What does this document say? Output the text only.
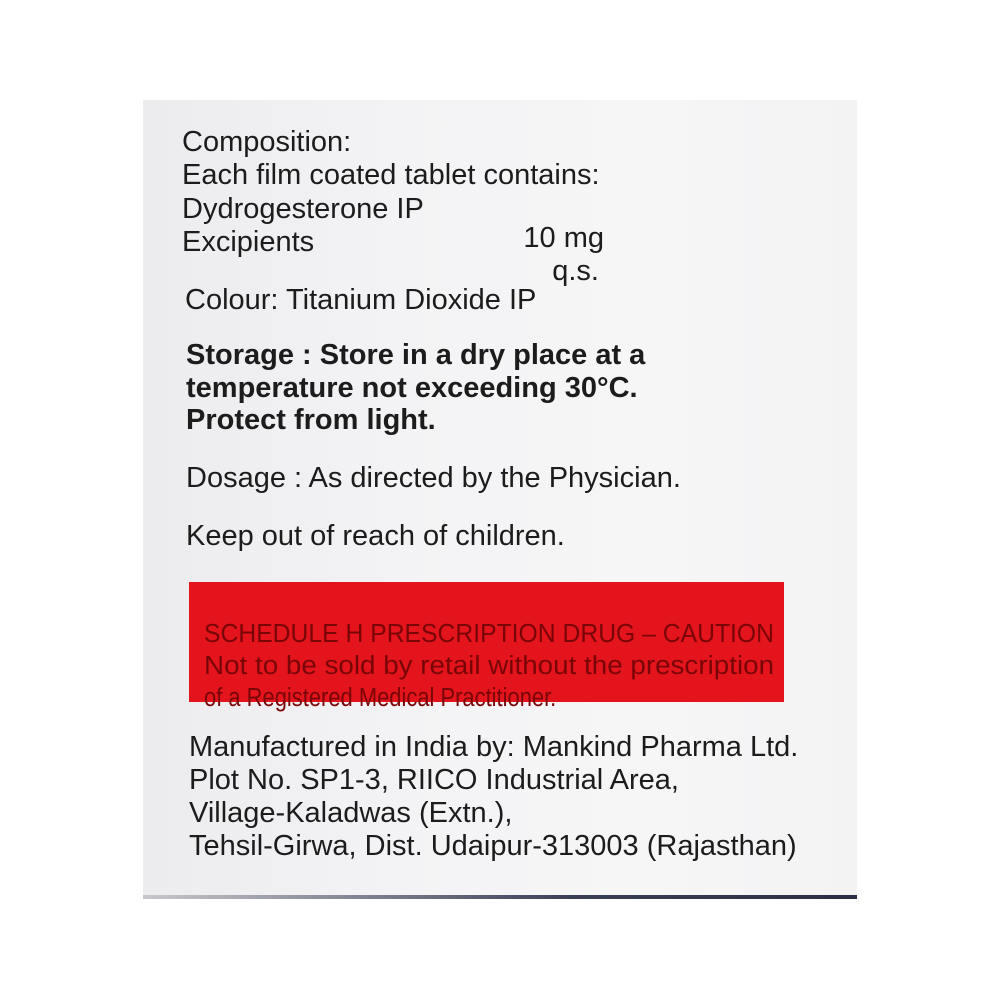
Composition:

Each film coated tablet contains:

Dydrogesterone IP

10 mg

Excipients

q.s.

Colour: Titanium Dioxide IP

Storage : Store in a dry place at a

temperature not exceeding 30°C.

Protect from light.

Dosage : As directed by the Physician.

Keep out of reach of children.

SCHEDULE H PRESCRIPTION DRUG – CAUTION

Not to be sold by retail without the prescription

of a Registered Medical Practitioner.

Manufactured in India by: Mankind Pharma Ltd.

Plot No. SP1-3, RIICO Industrial Area,

Village-Kaladwas (Extn.),

Tehsil-Girwa, Dist. Udaipur-313003 (Rajasthan)
